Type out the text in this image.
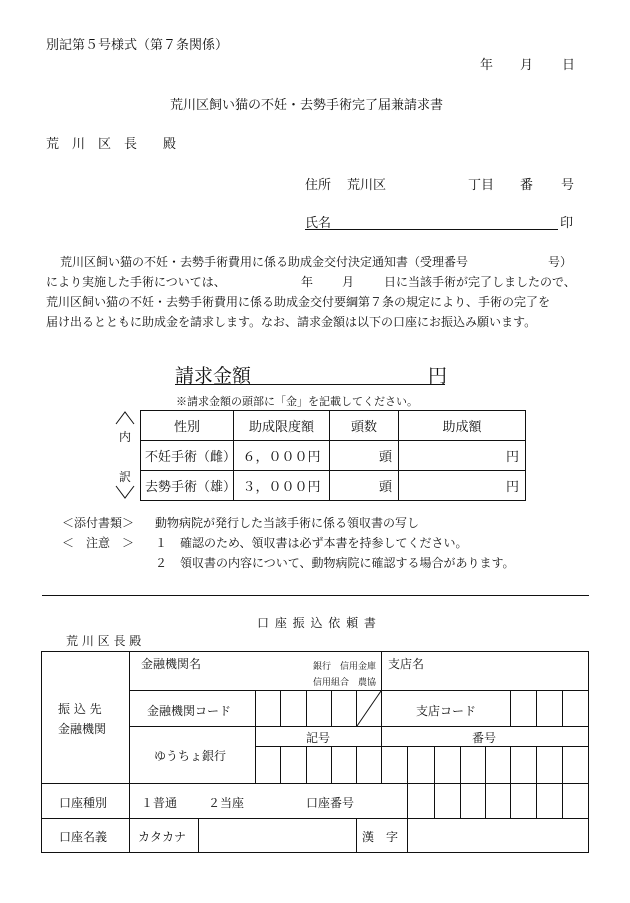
別記第５号様式（第７条関係）
年 月 日
荒川区飼い猫の不妊・去勢手術完了届兼請求書
荒　川　区　長　　殿
住所 荒川区	丁目 番 号
氏名	印
荒川区飼い猫の不妊・去勢手術費用に係る助成金交付決定通知書（受理番号	号）
により実施した手術については、	年 月 日に当該手術が完了しましたので、
荒川区飼い猫の不妊・去勢手術費用に係る助成金交付要綱第７条の規定により、手術の完了を
届け出るとともに助成金を請求します。なお、請求金額は以下の口座にお振込み願います。
請求金額	円
※請求金額の頭部に「金」を記載してください。
内
訳
性別	助成限度額	頭数	助成額
不妊手術（雌）	６，０００円	頭	円
去勢手術（雄）	３，０００円	頭	円
＜添付書類＞ 動物病院が発行した当該手術に係る領収書の写し
＜　注意　＞ １ 確認のため、領収書は必ず本書を持参してください。
２ 領収書の内容について、動物病院に確認する場合があります。
口 座 振 込 依 頼 書
荒 川 区 長 殿
振 込 先
金融機関
金融機関名	銀行　信用金庫
信用組合　農協
支店名
金融機関コード	支店コード
ゆうちょ銀行
記号	番号
口座種別	１普通	２当座	口座番号
口座名義	カタカナ	漢　字
